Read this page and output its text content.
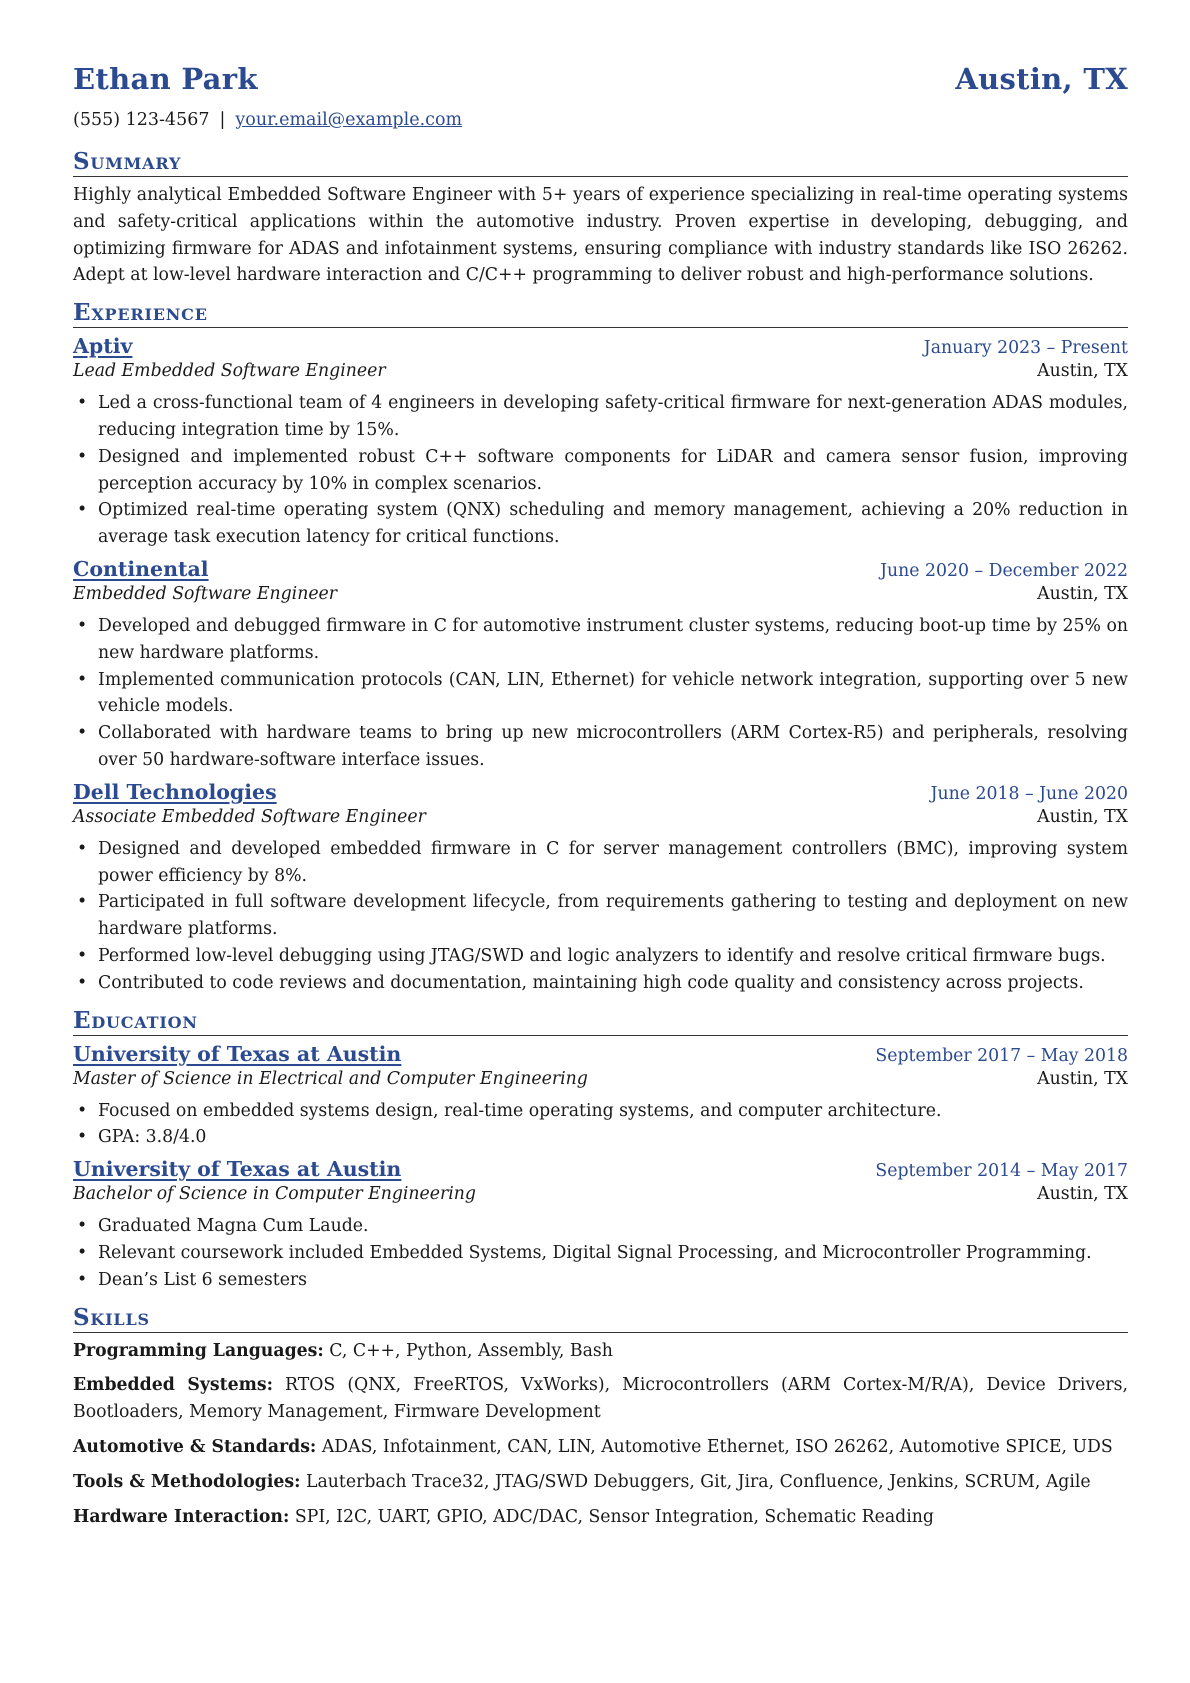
Ethan Park	Austin, TX
(555) 123-4567 | your.email@example.com
Summary
Highly analytical Embedded Software Engineer with 5+ years of experience specializing in real-time operating systems and safety-critical applications within the automotive industry. Proven expertise in developing, debugging, and optimizing firmware for ADAS and infotainment systems, ensuring compliance with industry standards like ISO 26262. Adept at low-level hardware interaction and C/C++ programming to deliver robust and high-performance solutions.
Experience
Aptiv	January 2023 – Present
Lead Embedded Software Engineer	Austin, TX
• Led a cross-functional team of 4 engineers in developing safety-critical firmware for next-generation ADAS modules, reducing integration time by 15%.
• Designed and implemented robust C++ software components for LiDAR and camera sensor fusion, improving perception accuracy by 10% in complex scenarios.
• Optimized real-time operating system (QNX) scheduling and memory management, achieving a 20% reduction in average task execution latency for critical functions.
Continental	June 2020 – December 2022
Embedded Software Engineer	Austin, TX
• Developed and debugged firmware in C for automotive instrument cluster systems, reducing boot-up time by 25% on new hardware platforms.
• Implemented communication protocols (CAN, LIN, Ethernet) for vehicle network integration, supporting over 5 new vehicle models.
• Collaborated with hardware teams to bring up new microcontrollers (ARM Cortex-R5) and peripherals, resolving over 50 hardware-software interface issues.
Dell Technologies	June 2018 – June 2020
Associate Embedded Software Engineer	Austin, TX
• Designed and developed embedded firmware in C for server management controllers (BMC), improving system power efficiency by 8%.
• Participated in full software development lifecycle, from requirements gathering to testing and deployment on new hardware platforms.
• Performed low-level debugging using JTAG/SWD and logic analyzers to identify and resolve critical firmware bugs.
• Contributed to code reviews and documentation, maintaining high code quality and consistency across projects.
Education
University of Texas at Austin	September 2017 – May 2018
Master of Science in Electrical and Computer Engineering	Austin, TX
• Focused on embedded systems design, real-time operating systems, and computer architecture.
• GPA: 3.8/4.0
University of Texas at Austin	September 2014 – May 2017
Bachelor of Science in Computer Engineering	Austin, TX
• Graduated Magna Cum Laude.
• Relevant coursework included Embedded Systems, Digital Signal Processing, and Microcontroller Programming.
• Dean’s List 6 semesters
Skills
Programming Languages: C, C++, Python, Assembly, Bash
Embedded Systems: RTOS (QNX, FreeRTOS, VxWorks), Microcontrollers (ARM Cortex-M/R/A), Device Drivers, Bootloaders, Memory Management, Firmware Development
Automotive & Standards: ADAS, Infotainment, CAN, LIN, Automotive Ethernet, ISO 26262, Automotive SPICE, UDS
Tools & Methodologies: Lauterbach Trace32, JTAG/SWD Debuggers, Git, Jira, Confluence, Jenkins, SCRUM, Agile
Hardware Interaction: SPI, I2C, UART, GPIO, ADC/DAC, Sensor Integration, Schematic Reading
